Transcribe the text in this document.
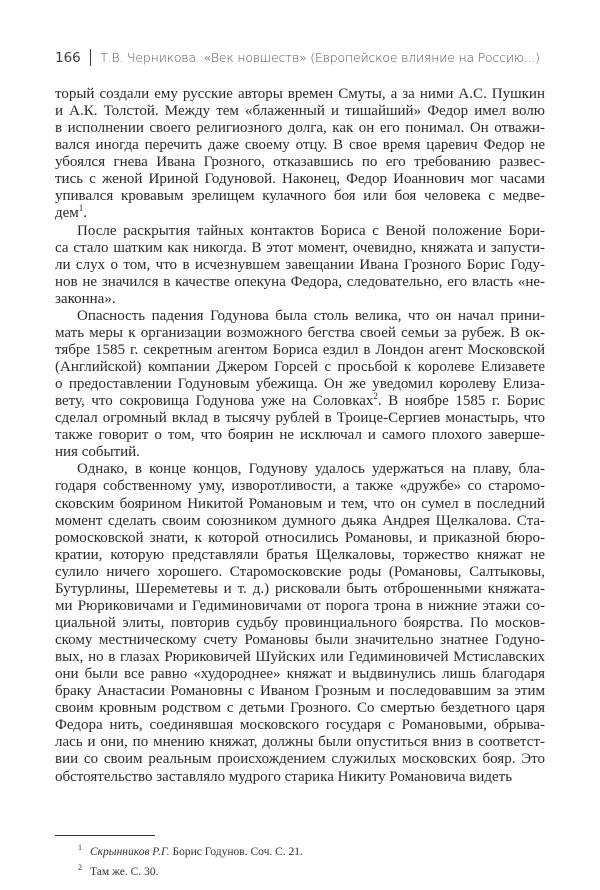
166 Т.В. Черникова. «Век новшеств» (Европейское влияние на Россию...)
торый создали ему русские авторы времен Смуты, а за ними А.С. Пушкин
и А.К. Толстой. Между тем «блаженный и тишайший» Федор имел волю
в исполнении своего религиозного долга, как он его понимал. Он отважи-
вался иногда перечить даже своему отцу. В свое время царевич Федор не
убоялся гнева Ивана Грозного, отказавшись по его требованию развес-
тись с женой Ириной Годуновой. Наконец, Федор Иоаннович мог часами
упивался кровавым зрелищем кулачного боя или боя человека с медве-
дем$^1$.
После раскрытия тайных контактов Бориса с Веной положение Бори-
са стало шатким как никогда. В этот момент, очевидно, княжата и запусти-
ли слух о том, что в исчезнувшем завещании Ивана Грозного Борис Году-
нов не значился в качестве опекуна Федора, следовательно, его власть «не-
законна».
Опасность падения Годунова была столь велика, что он начал прини-
мать меры к организации возможного бегства своей семьи за рубеж. В ок-
тябре 1585 г. секретным агентом Бориса ездил в Лондон агент Московской
(Английской) компании Джером Горсей с просьбой к королеве Елизавете
о предоставлении Годуновым убежища. Он же уведомил королеву Елиза-
вету, что сокровища Годунова уже на Соловках$^2$. В ноябре 1585 г. Борис
сделал огромный вклад в тысячу рублей в Троице-Сергиев монастырь, что
также говорит о том, что боярин не исключал и самого плохого заверше-
ния событий.
Однако, в конце концов, Годунову удалось удержаться на плаву, бла-
годаря собственному уму, изворотливости, а также «дружбе» со старомо-
сковским боярином Никитой Романовым и тем, что он сумел в последний
момент сделать своим союзником думного дьяка Андрея Щелкалова. Ста-
ромосковской знати, к которой относились Романовы, и приказной бюро-
кратии, которую представляли братья Щелкаловы, торжество княжат не
сулило ничего хорошего. Старомосковские роды (Романовы, Салтыковы,
Бутурлины, Шереметевы и т. д.) рисковали быть отброшенными княжата-
ми Рюриковичами и Гедиминовичами от порога трона в нижние этажи со-
циальной элиты, повторив судьбу провинциального боярства. По москов-
скому местническому счету Романовы были значительно знатнее Годуно-
вых, но в глазах Рюриковичей Шуйских или Гедиминовичей Мстиславских
они были все равно «худороднее» княжат и выдвинулись лишь благодаря
браку Анастасии Романовны с Иваном Грозным и последовавшим за этим
своим кровным родством с детьми Грозного. Со смертью бездетного царя
Федора нить, соединявшая московского государя с Романовыми, обрыва-
лась и они, по мнению княжат, должны были опуститься вниз в соответст-
вии со своим реальным происхождением служилых московских бояр. Это
обстоятельство заставляло мудрого старика Никиту Романовича видеть
$^1$ Скрынников Р.Г. Борис Годунов. Соч. С. 21.
$^2$ Там же. С. 30.
